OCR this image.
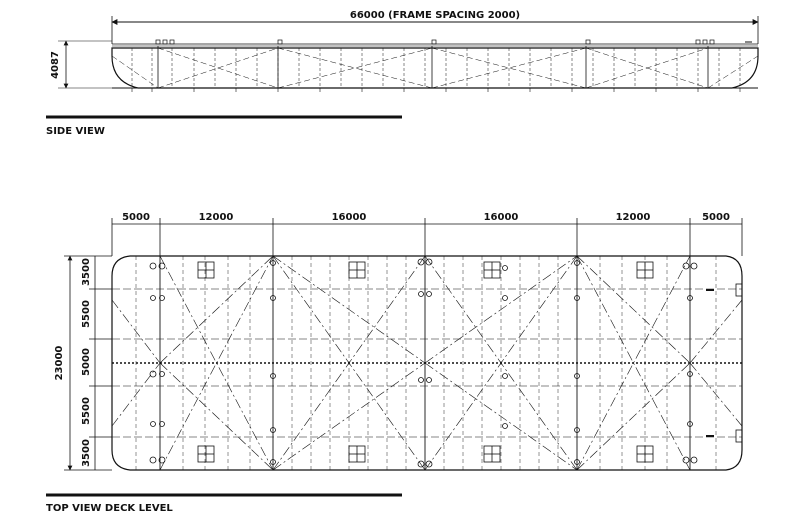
66000 (FRAME SPACING 2000)
4087
SIDE VIEW
5000	12000	16000	16000	12000	5000
23000
3500
5500
5000
5500
3500
TOP VIEW DECK LEVEL
